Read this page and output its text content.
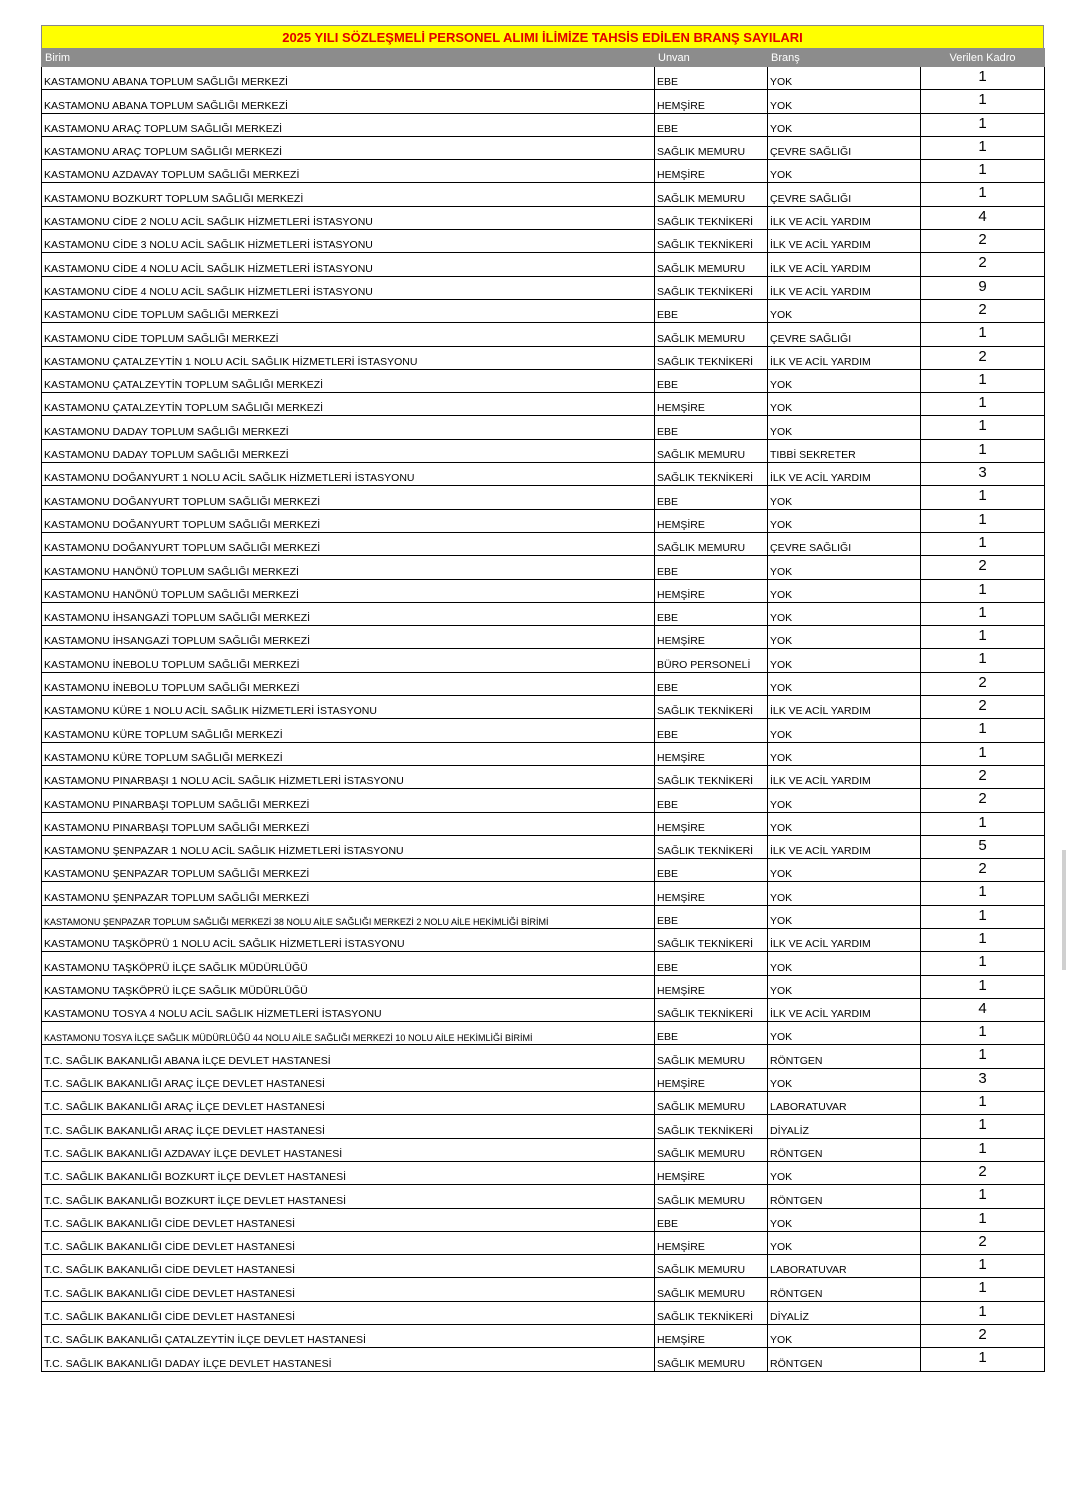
2025 YILI SÖZLEŞMELİ PERSONEL ALIMI İLİMİZE TAHSİS EDİLEN BRANŞ SAYILARI
Birim	Unvan	Branş	Verilen Kadro
KASTAMONU ABANA TOPLUM SAĞLIĞI MERKEZİ	EBE	YOK	1
KASTAMONU ABANA TOPLUM SAĞLIĞI MERKEZİ	HEMŞİRE	YOK	1
KASTAMONU ARAÇ TOPLUM SAĞLIĞI MERKEZİ	EBE	YOK	1
KASTAMONU ARAÇ TOPLUM SAĞLIĞI MERKEZİ	SAĞLIK MEMURU	ÇEVRE SAĞLIĞI	1
KASTAMONU AZDAVAY TOPLUM SAĞLIĞI MERKEZİ	HEMŞİRE	YOK	1
KASTAMONU BOZKURT TOPLUM SAĞLIĞI MERKEZİ	SAĞLIK MEMURU	ÇEVRE SAĞLIĞI	1
KASTAMONU CİDE 2 NOLU ACİL SAĞLIK HİZMETLERİ İSTASYONU	SAĞLIK TEKNİKERİ	İLK VE ACİL YARDIM	4
KASTAMONU CİDE 3 NOLU ACİL SAĞLIK HİZMETLERİ İSTASYONU	SAĞLIK TEKNİKERİ	İLK VE ACİL YARDIM	2
KASTAMONU CİDE 4 NOLU ACİL SAĞLIK HİZMETLERİ İSTASYONU	SAĞLIK MEMURU	İLK VE ACİL YARDIM	2
KASTAMONU CİDE 4 NOLU ACİL SAĞLIK HİZMETLERİ İSTASYONU	SAĞLIK TEKNİKERİ	İLK VE ACİL YARDIM	9
KASTAMONU CİDE TOPLUM SAĞLIĞI MERKEZİ	EBE	YOK	2
KASTAMONU CİDE TOPLUM SAĞLIĞI MERKEZİ	SAĞLIK MEMURU	ÇEVRE SAĞLIĞI	1
KASTAMONU ÇATALZEYTİN 1 NOLU ACİL SAĞLIK HİZMETLERİ İSTASYONU	SAĞLIK TEKNİKERİ	İLK VE ACİL YARDIM	2
KASTAMONU ÇATALZEYTİN TOPLUM SAĞLIĞI MERKEZİ	EBE	YOK	1
KASTAMONU ÇATALZEYTİN TOPLUM SAĞLIĞI MERKEZİ	HEMŞİRE	YOK	1
KASTAMONU DADAY TOPLUM SAĞLIĞI MERKEZİ	EBE	YOK	1
KASTAMONU DADAY TOPLUM SAĞLIĞI MERKEZİ	SAĞLIK MEMURU	TIBBİ SEKRETER	1
KASTAMONU DOĞANYURT 1 NOLU ACİL SAĞLIK HİZMETLERİ İSTASYONU	SAĞLIK TEKNİKERİ	İLK VE ACİL YARDIM	3
KASTAMONU DOĞANYURT TOPLUM SAĞLIĞI MERKEZİ	EBE	YOK	1
KASTAMONU DOĞANYURT TOPLUM SAĞLIĞI MERKEZİ	HEMŞİRE	YOK	1
KASTAMONU DOĞANYURT TOPLUM SAĞLIĞI MERKEZİ	SAĞLIK MEMURU	ÇEVRE SAĞLIĞI	1
KASTAMONU HANÖNÜ TOPLUM SAĞLIĞI MERKEZİ	EBE	YOK	2
KASTAMONU HANÖNÜ TOPLUM SAĞLIĞI MERKEZİ	HEMŞİRE	YOK	1
KASTAMONU İHSANGAZİ TOPLUM SAĞLIĞI MERKEZİ	EBE	YOK	1
KASTAMONU İHSANGAZİ TOPLUM SAĞLIĞI MERKEZİ	HEMŞİRE	YOK	1
KASTAMONU İNEBOLU TOPLUM SAĞLIĞI MERKEZİ	BÜRO PERSONELİ	YOK	1
KASTAMONU İNEBOLU TOPLUM SAĞLIĞI MERKEZİ	EBE	YOK	2
KASTAMONU KÜRE 1 NOLU ACİL SAĞLIK HİZMETLERİ İSTASYONU	SAĞLIK TEKNİKERİ	İLK VE ACİL YARDIM	2
KASTAMONU KÜRE TOPLUM SAĞLIĞI MERKEZİ	EBE	YOK	1
KASTAMONU KÜRE TOPLUM SAĞLIĞI MERKEZİ	HEMŞİRE	YOK	1
KASTAMONU PINARBAŞI 1 NOLU ACİL SAĞLIK HİZMETLERİ İSTASYONU	SAĞLIK TEKNİKERİ	İLK VE ACİL YARDIM	2
KASTAMONU PINARBAŞI TOPLUM SAĞLIĞI MERKEZİ	EBE	YOK	2
KASTAMONU PINARBAŞI TOPLUM SAĞLIĞI MERKEZİ	HEMŞİRE	YOK	1
KASTAMONU ŞENPAZAR 1 NOLU ACİL SAĞLIK HİZMETLERİ İSTASYONU	SAĞLIK TEKNİKERİ	İLK VE ACİL YARDIM	5
KASTAMONU ŞENPAZAR TOPLUM SAĞLIĞI MERKEZİ	EBE	YOK	2
KASTAMONU ŞENPAZAR TOPLUM SAĞLIĞI MERKEZİ	HEMŞİRE	YOK	1
KASTAMONU ŞENPAZAR TOPLUM SAĞLIĞI MERKEZİ 38 NOLU AİLE SAĞLIĞI MERKEZİ 2 NOLU AİLE HEKİMLİĞİ BİRİMİ	EBE	YOK	1
KASTAMONU TAŞKÖPRÜ 1 NOLU ACİL SAĞLIK HİZMETLERİ İSTASYONU	SAĞLIK TEKNİKERİ	İLK VE ACİL YARDIM	1
KASTAMONU TAŞKÖPRÜ İLÇE SAĞLIK MÜDÜRLÜĞÜ	EBE	YOK	1
KASTAMONU TAŞKÖPRÜ İLÇE SAĞLIK MÜDÜRLÜĞÜ	HEMŞİRE	YOK	1
KASTAMONU TOSYA 4 NOLU ACİL SAĞLIK HİZMETLERİ İSTASYONU	SAĞLIK TEKNİKERİ	İLK VE ACİL YARDIM	4
KASTAMONU TOSYA İLÇE SAĞLIK MÜDÜRLÜĞÜ 44 NOLU AİLE SAĞLIĞI MERKEZİ 10 NOLU AİLE HEKİMLİĞİ BİRİMİ	EBE	YOK	1
T.C. SAĞLIK BAKANLIĞI ABANA İLÇE DEVLET HASTANESİ	SAĞLIK MEMURU	RÖNTGEN	1
T.C. SAĞLIK BAKANLIĞI ARAÇ İLÇE DEVLET HASTANESİ	HEMŞİRE	YOK	3
T.C. SAĞLIK BAKANLIĞI ARAÇ İLÇE DEVLET HASTANESİ	SAĞLIK MEMURU	LABORATUVAR	1
T.C. SAĞLIK BAKANLIĞI ARAÇ İLÇE DEVLET HASTANESİ	SAĞLIK TEKNİKERİ	DİYALİZ	1
T.C. SAĞLIK BAKANLIĞI AZDAVAY İLÇE DEVLET HASTANESİ	SAĞLIK MEMURU	RÖNTGEN	1
T.C. SAĞLIK BAKANLIĞI BOZKURT İLÇE DEVLET HASTANESİ	HEMŞİRE	YOK	2
T.C. SAĞLIK BAKANLIĞI BOZKURT İLÇE DEVLET HASTANESİ	SAĞLIK MEMURU	RÖNTGEN	1
T.C. SAĞLIK BAKANLIĞI CİDE DEVLET HASTANESİ	EBE	YOK	1
T.C. SAĞLIK BAKANLIĞI CİDE DEVLET HASTANESİ	HEMŞİRE	YOK	2
T.C. SAĞLIK BAKANLIĞI CİDE DEVLET HASTANESİ	SAĞLIK MEMURU	LABORATUVAR	1
T.C. SAĞLIK BAKANLIĞI CİDE DEVLET HASTANESİ	SAĞLIK MEMURU	RÖNTGEN	1
T.C. SAĞLIK BAKANLIĞI CİDE DEVLET HASTANESİ	SAĞLIK TEKNİKERİ	DİYALİZ	1
T.C. SAĞLIK BAKANLIĞI ÇATALZEYTİN İLÇE DEVLET HASTANESİ	HEMŞİRE	YOK	2
T.C. SAĞLIK BAKANLIĞI DADAY İLÇE DEVLET HASTANESİ	SAĞLIK MEMURU	RÖNTGEN	1
